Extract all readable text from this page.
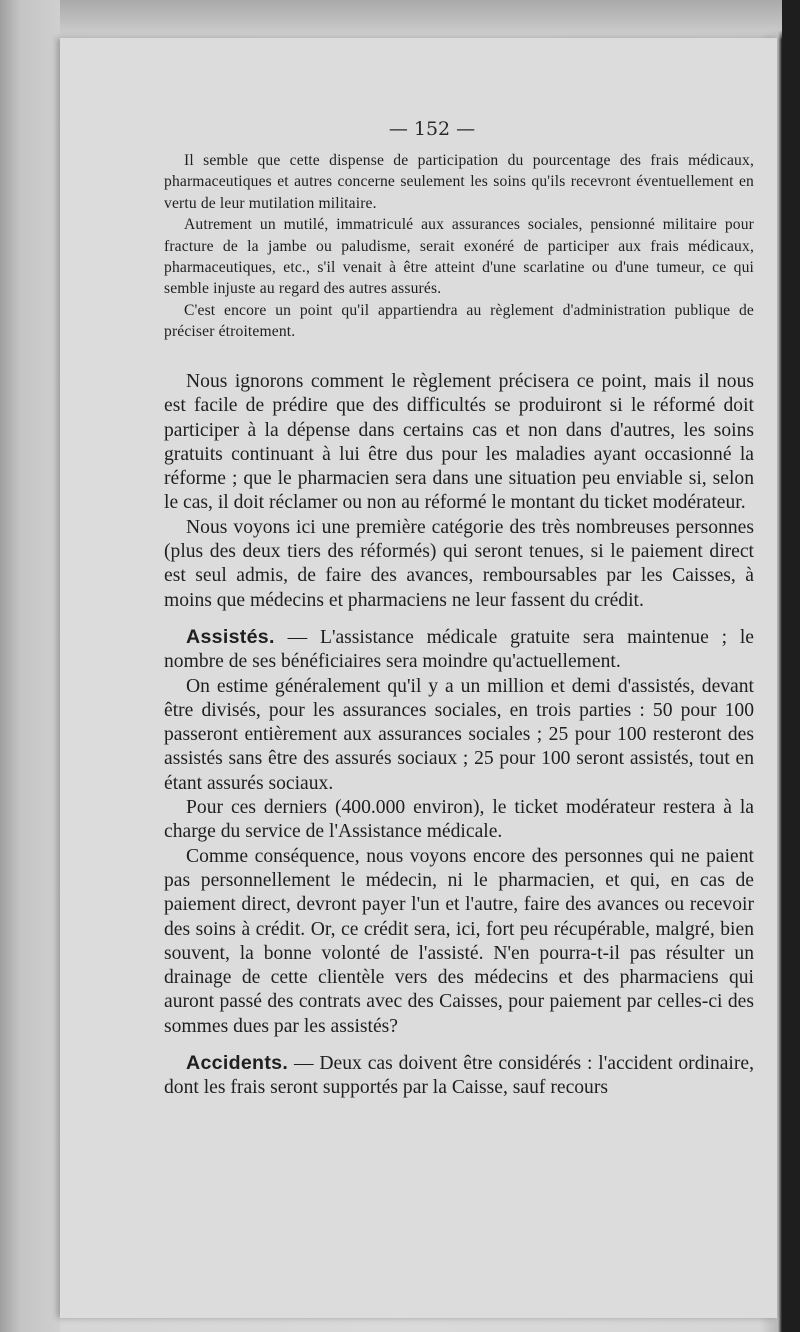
— 152 —

Il semble que cette dispense de participation du pourcentage des frais médicaux, pharmaceutiques et autres concerne seulement les soins qu'ils recevront éventuellement en vertu de leur mutilation militaire.

Autrement un mutilé, immatriculé aux assurances sociales, pensionné militaire pour fracture de la jambe ou paludisme, serait exonéré de participer aux frais médicaux, pharmaceutiques, etc., s'il venait à être atteint d'une scarlatine ou d'une tumeur, ce qui semble injuste au regard des autres assurés.

C'est encore un point qu'il appartiendra au règlement d'administration publique de préciser étroitement.

Nous ignorons comment le règlement précisera ce point, mais il nous est facile de prédire que des difficultés se produiront si le réformé doit participer à la dépense dans certains cas et non dans d'autres, les soins gratuits continuant à lui être dus pour les maladies ayant occasionné la réforme ; que le pharmacien sera dans une situation peu enviable si, selon le cas, il doit réclamer ou non au réformé le montant du ticket modérateur.

Nous voyons ici une première catégorie des très nombreuses personnes (plus des deux tiers des réformés) qui seront tenues, si le paiement direct est seul admis, de faire des avances, remboursables par les Caisses, à moins que médecins et pharmaciens ne leur fassent du crédit.

Assistés. — L'assistance médicale gratuite sera maintenue ; le nombre de ses bénéficiaires sera moindre qu'actuellement.

On estime généralement qu'il y a un million et demi d'assistés, devant être divisés, pour les assurances sociales, en trois parties : 50 pour 100 passeront entièrement aux assurances sociales ; 25 pour 100 resteront des assistés sans être des assurés sociaux ; 25 pour 100 seront assistés, tout en étant assurés sociaux.

Pour ces derniers (400.000 environ), le ticket modérateur restera à la charge du service de l'Assistance médicale.

Comme conséquence, nous voyons encore des personnes qui ne paient pas personnellement le médecin, ni le pharmacien, et qui, en cas de paiement direct, devront payer l'un et l'autre, faire des avances ou recevoir des soins à crédit. Or, ce crédit sera, ici, fort peu récupérable, malgré, bien souvent, la bonne volonté de l'assisté. N'en pourra-t-il pas résulter un drainage de cette clientèle vers des médecins et des pharmaciens qui auront passé des contrats avec des Caisses, pour paiement par celles-ci des sommes dues par les assistés?

Accidents. — Deux cas doivent être considérés : l'accident ordinaire, dont les frais seront supportés par la Caisse, sauf recours
